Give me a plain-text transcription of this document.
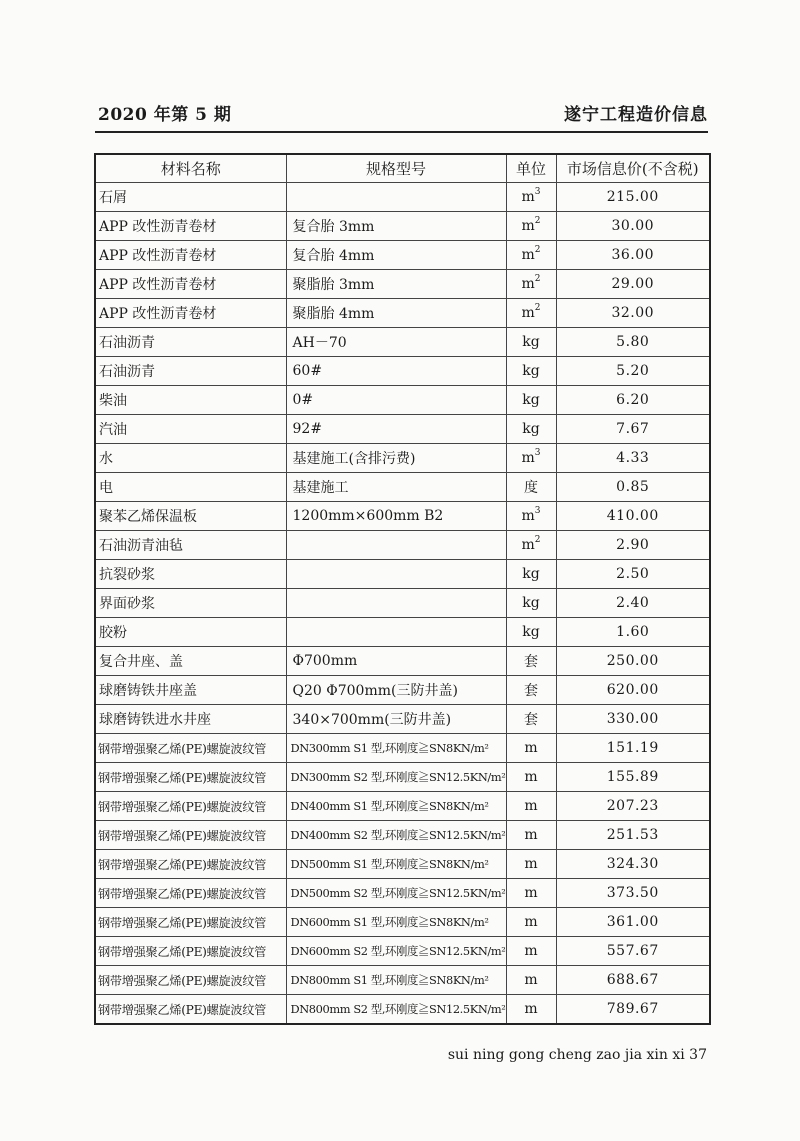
2020 年第 5 期	遂宁工程造价信息
材料名称	规格型号	单位	市场信息价(不含税)
石屑		$m^3$	215.00
APP 改性沥青卷材	复合胎 3mm	$m^2$	30.00
APP 改性沥青卷材	复合胎 4mm	$m^2$	36.00
APP 改性沥青卷材	聚脂胎 3mm	$m^2$	29.00
APP 改性沥青卷材	聚脂胎 4mm	$m^2$	32.00
石油沥青	AH－70	kg	5.80
石油沥青	60#	kg	5.20
柴油	0#	kg	6.20
汽油	92#	kg	7.67
水	基建施工(含排污费)	$m^3$	4.33
电	基建施工	度	0.85
聚苯乙烯保温板	1200mm×600mm B2	$m^3$	410.00
石油沥青油毡		$m^2$	2.90
抗裂砂浆		kg	2.50
界面砂浆		kg	2.40
胶粉		kg	1.60
复合井座、盖	Φ700mm	套	250.00
球磨铸铁井座盖	Q20 Φ700mm(三防井盖)	套	620.00
球磨铸铁进水井座	340×700mm(三防井盖)	套	330.00
钢带增强聚乙烯(PE)螺旋波纹管	DN300mm S1 型,环刚度≧SN8KN/m²	m	151.19
钢带增强聚乙烯(PE)螺旋波纹管	DN300mm S2 型,环刚度≧SN12.5KN/m²	m	155.89
钢带增强聚乙烯(PE)螺旋波纹管	DN400mm S1 型,环刚度≧SN8KN/m²	m	207.23
钢带增强聚乙烯(PE)螺旋波纹管	DN400mm S2 型,环刚度≧SN12.5KN/m²	m	251.53
钢带增强聚乙烯(PE)螺旋波纹管	DN500mm S1 型,环刚度≧SN8KN/m²	m	324.30
钢带增强聚乙烯(PE)螺旋波纹管	DN500mm S2 型,环刚度≧SN12.5KN/m²	m	373.50
钢带增强聚乙烯(PE)螺旋波纹管	DN600mm S1 型,环刚度≧SN8KN/m²	m	361.00
钢带增强聚乙烯(PE)螺旋波纹管	DN600mm S2 型,环刚度≧SN12.5KN/m²	m	557.67
钢带增强聚乙烯(PE)螺旋波纹管	DN800mm S1 型,环刚度≧SN8KN/m²	m	688.67
钢带增强聚乙烯(PE)螺旋波纹管	DN800mm S2 型,环刚度≧SN12.5KN/m²	m	789.67
sui ning gong cheng zao jia xin xi 37
